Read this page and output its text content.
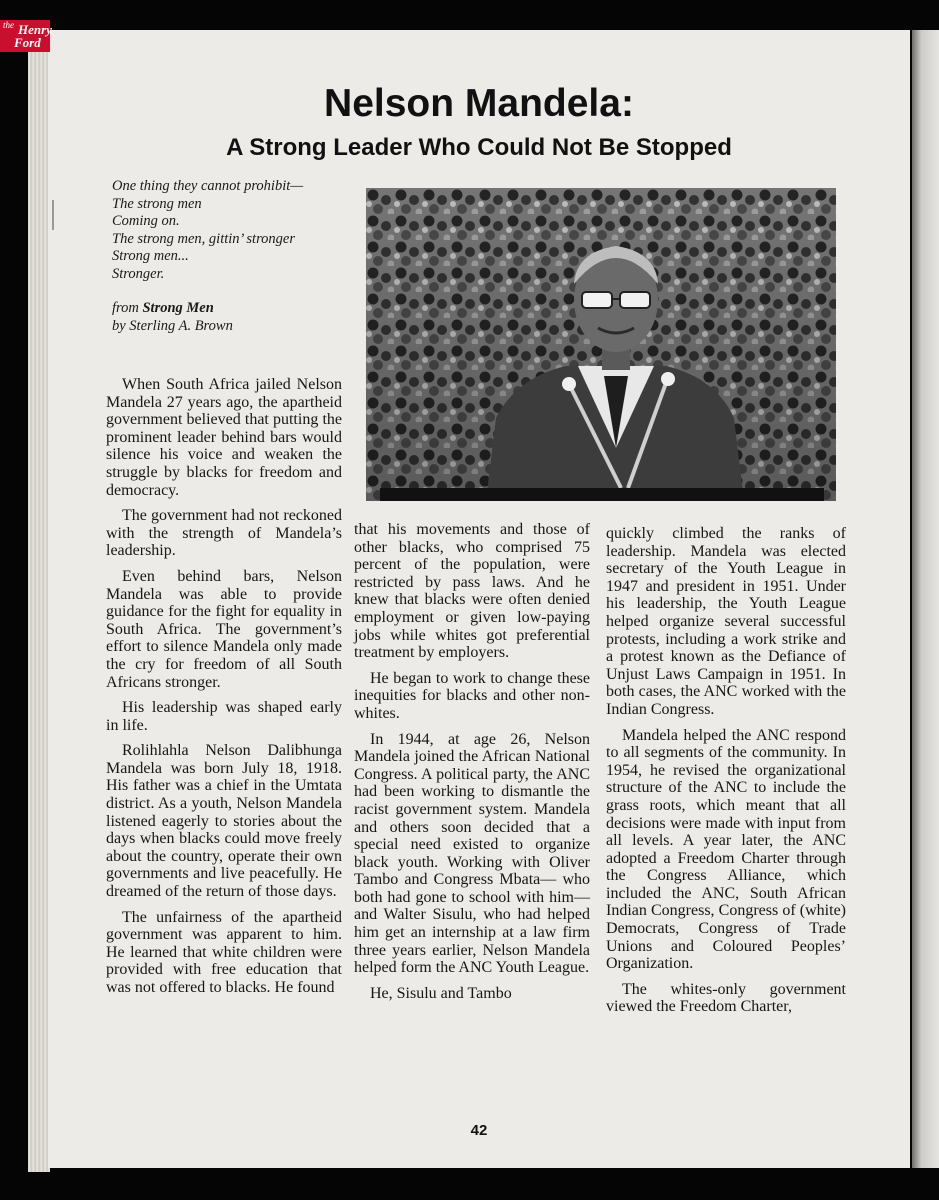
the Henry
Ford
Nelson Mandela:
A Strong Leader Who Could Not Be Stopped
One thing they cannot prohibit—
The strong men
Coming on.
The strong men, gittin’ stronger
Strong men...
Stronger.
from Strong Men
by Sterling A. Brown

When South Africa jailed Nelson Mandela 27 years ago, the apartheid government believed that putting the prominent leader behind bars would silence his voice and weaken the struggle by blacks for freedom and democracy.

The government had not reckoned with the strength of Mandela’s leadership.

Even behind bars, Nelson Mandela was able to provide guidance for the fight for equality in South Africa. The government’s effort to silence Mandela only made the cry for freedom of all South Africans stronger.

His leadership was shaped early in life.

Rolihlahla Nelson Dalibhunga Mandela was born July 18, 1918. His father was a chief in the Umtata district. As a youth, Nelson Mandela listened eagerly to stories about the days when blacks could move freely about the country, operate their own governments and live peacefully. He dreamed of the return of those days.

The unfairness of the apartheid government was apparent to him. He learned that white children were provided with free education that was not offered to blacks. He found

that his movements and those of other blacks, who comprised 75 percent of the population, were restricted by pass laws. And he knew that blacks were often denied employment or given low-paying jobs while whites got preferential treatment by employers.

He began to work to change these inequities for blacks and other non-whites.

In 1944, at age 26, Nelson Mandela joined the African National Congress. A political party, the ANC had been working to dismantle the racist government system. Mandela and others soon decided that a special need existed to organize black youth. Working with Oliver Tambo and Congress Mbata— who both had gone to school with him— and Walter Sisulu, who had helped him get an internship at a law firm three years earlier, Nelson Mandela helped form the ANC Youth League.

He, Sisulu and Tambo

quickly climbed the ranks of leadership. Mandela was elected secretary of the Youth League in 1947 and president in 1951. Under his leadership, the Youth League helped organize several successful protests, including a work strike and a protest known as the Defiance of Unjust Laws Campaign in 1951. In both cases, the ANC worked with the Indian Congress.

Mandela helped the ANC respond to all segments of the community. In 1954, he revised the organizational structure of the ANC to include the grass roots, which meant that all decisions were made with input from all levels. A year later, the ANC adopted a Freedom Charter through the Congress Alliance, which included the ANC, South African Indian Congress, Congress of (white) Democrats, Congress of Trade Unions and Coloured Peoples’ Organization.

The whites-only government viewed the Freedom Charter,

42
